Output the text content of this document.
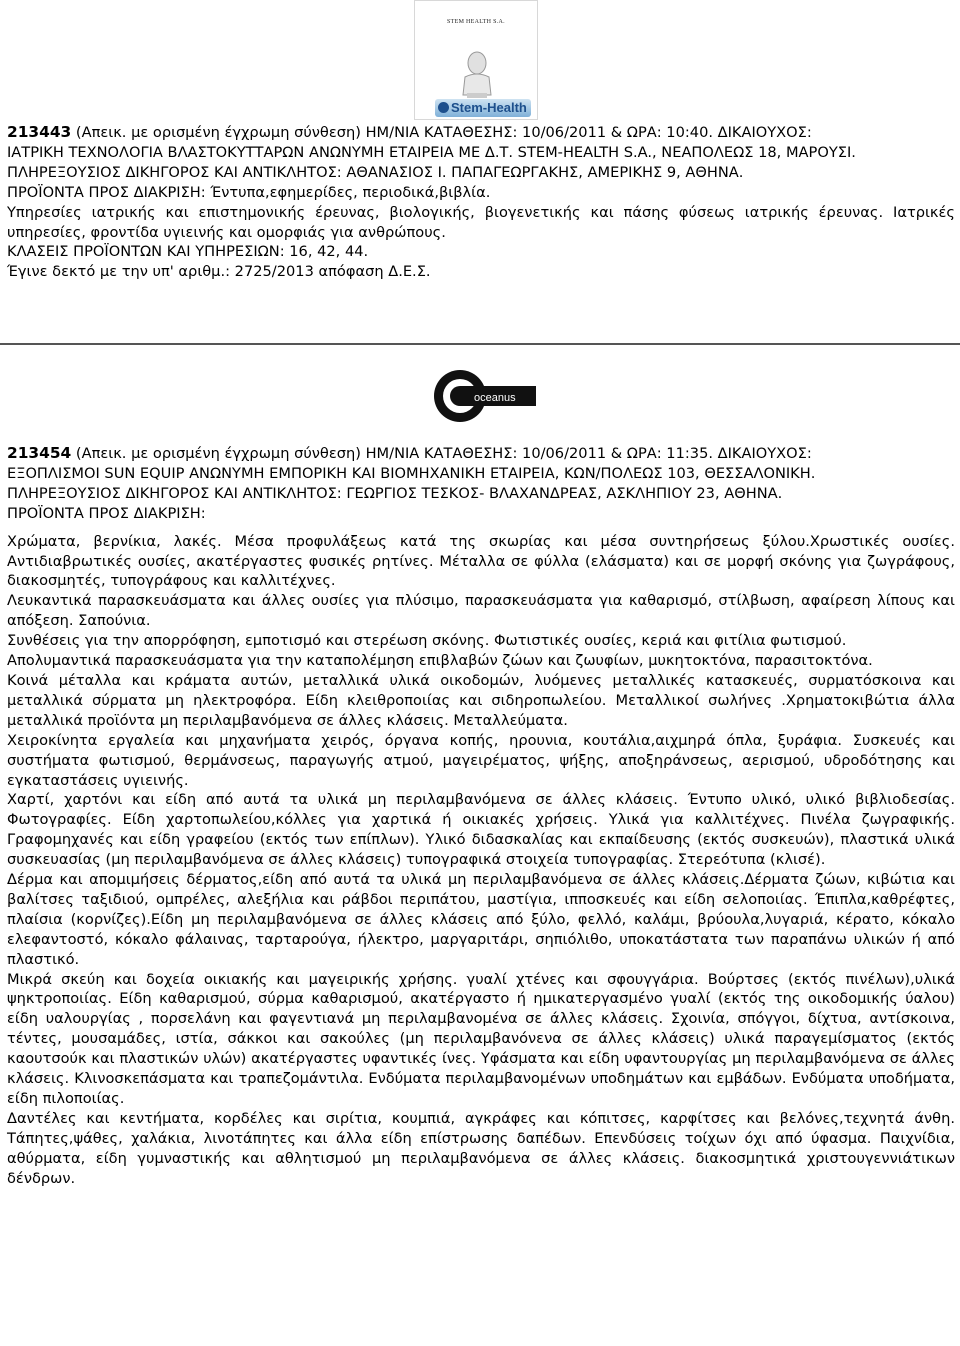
STEM HEALTH S.A.
Stem-Health

213443 (Απεικ. με ορισμένη έγχρωμη σύνθεση) ΗΜ/ΝΙΑ ΚΑΤΑΘΕΣΗΣ: 10/06/2011 & ΩΡΑ: 10:40. ΔΙΚΑΙΟΥΧΟΣ:

ΙΑΤΡΙΚΗ ΤΕΧΝΟΛΟΓΙΑ ΒΛΑΣΤΟΚΥΤΤΑΡΩΝ ΑΝΩΝΥΜΗ ΕΤΑΙΡΕΙΑ ΜΕ Δ.Τ. STEM-HEALTH S.A., ΝΕΑΠΟΛΕΩΣ 18, ΜΑΡΟΥΣΙ.

ΠΛΗΡΕΞΟΥΣΙΟΣ ΔΙΚΗΓΟΡΟΣ ΚΑΙ ΑΝΤΙΚΛΗΤΟΣ: ΑΘΑΝΑΣΙΟΣ Ι. ΠΑΠΑΓΕΩΡΓΑΚΗΣ, ΑΜΕΡΙΚΗΣ 9, ΑΘΗΝΑ.

ΠΡΟΪΟΝΤΑ ΠΡΟΣ ΔΙΑΚΡΙΣΗ: Έντυπα,εφημερίδες, περιοδικά,βιβλία.

Υπηρεσίες ιατρικής και επιστημονικής έρευνας, βιολογικής, βιογενετικής και πάσης φύσεως ιατρικής έρευνας. Ιατρικές υπηρεσίες, φροντίδα υγιεινής και ομορφιάς για ανθρώπους.

ΚΛΑΣΕΙΣ ΠΡΟΪΟΝΤΩΝ ΚΑΙ ΥΠΗΡΕΣΙΩΝ: 16, 42, 44.

Έγινε δεκτό με την υπ' αριθμ.: 2725/2013 απόφαση Δ.Ε.Σ.

oceanus

213454 (Απεικ. με ορισμένη έγχρωμη σύνθεση) ΗΜ/ΝΙΑ ΚΑΤΑΘΕΣΗΣ: 10/06/2011 & ΩΡΑ: 11:35. ΔΙΚΑΙΟΥΧΟΣ:

ΕΞΟΠΛΙΣΜΟΙ SUN EQUIP ΑΝΩΝΥΜΗ ΕΜΠΟΡΙΚΗ ΚΑΙ ΒΙΟΜΗΧΑΝΙΚΗ ΕΤΑΙΡΕΙΑ, ΚΩΝ/ΠΟΛΕΩΣ 103, ΘΕΣΣΑΛΟΝΙΚΗ.

ΠΛΗΡΕΞΟΥΣΙΟΣ ΔΙΚΗΓΟΡΟΣ ΚΑΙ ΑΝΤΙΚΛΗΤΟΣ: ΓΕΩΡΓΙΟΣ ΤΕΣΚΟΣ- ΒΛΑΧΑΝΔΡΕΑΣ, ΑΣΚΛΗΠΙΟΥ 23, ΑΘΗΝΑ.

ΠΡΟΪΟΝΤΑ ΠΡΟΣ ΔΙΑΚΡΙΣΗ:

Χρώματα, βερνίκια, λακές. Μέσα προφυλάξεως κατά της σκωρίας και μέσα συντηρήσεως ξύλου.Χρωστικές ουσίες. Αντιδιαβρωτικές ουσίες, ακατέργαστες φυσικές ρητίνες. Μέταλλα σε φύλλα (ελάσματα) και σε μορφή σκόνης για ζωγράφους, διακοσμητές, τυπογράφους και καλλιτέχνες.

Λευκαντικά παρασκευάσματα και άλλες ουσίες για πλύσιμο, παρασκευάσματα για καθαρισμό, στίλβωση, αφαίρεση λίπους και απόξεση. Σαπούνια.

Συνθέσεις για την απορρόφηση, εμποτισμό και στερέωση σκόνης. Φωτιστικές ουσίες, κεριά και φιτίλια φωτισμού.

Απολυμαντικά παρασκευάσματα για την καταπολέμηση επιβλαβών ζώων και ζωυφίων, μυκητοκτόνα, παρασιτοκτόνα.

Κοινά μέταλλα και κράματα αυτών, μεταλλικά υλικά οικοδομών, λυόμενες μεταλλικές κατασκευές, συρματόσκοινα και μεταλλικά σύρματα μη ηλεκτροφόρα. Είδη κλειθροποιίας και σιδηροπωλείου. Μεταλλικοί σωλήνες .Χρηματοκιβώτια άλλα μεταλλικά προϊόντα μη περιλαμβανόμενα σε άλλες κλάσεις. Μεταλλεύματα.

Χειροκίνητα εργαλεία και μηχανήματα χειρός, όργανα κοπής, ηρουνια, κουτάλια,αιχμηρά όπλα, ξυράφια. Συσκευές και συστήματα φωτισμού, θερμάνσεως, παραγωγής ατμού, μαγειρέματος, ψήξης, αποξηράνσεως, αερισμού, υδροδότησης και εγκαταστάσεις υγιεινής.

Χαρτί, χαρτόνι και είδη από αυτά τα υλικά μη περιλαμβανόμενα σε άλλες κλάσεις. Έντυπο υλικό, υλικό βιβλιοδεσίας. Φωτογραφίες. Είδη χαρτοπωλείου,κόλλες για χαρτικά ή οικιακές χρήσεις. Υλικά για καλλιτέχνες. Πινέλα ζωγραφικής. Γραφομηχανές και είδη γραφείου (εκτός των επίπλων). Υλικό διδασκαλίας και εκπαίδευσης (εκτός συσκευών), πλαστικά υλικά συσκευασίας (μη περιλαμβανόμενα σε άλλες κλάσεις) τυπογραφικά στοιχεία τυπογραφίας. Στερεότυπα (κλισέ).

Δέρμα και απομιμήσεις δέρματος,είδη από αυτά τα υλικά μη περιλαμβανόμενα σε άλλες κλάσεις.Δέρματα ζώων, κιβώτια και βαλίτσες ταξιδιού, ομπρέλες, αλεξήλια και ράβδοι περιπάτου, μαστίγια, ιπποσκευές και είδη σελοποιίας. Έπιπλα,καθρέφτες, πλαίσια (κορνίζες).Είδη μη περιλαμβανόμενα σε άλλες κλάσεις από ξύλο, φελλό, καλάμι, βρύουλα,λυγαριά, κέρατο, κόκαλο ελεφαντοστό, κόκαλο φάλαινας, ταρταρούγα, ήλεκτρο, μαργαριτάρι, σηπιόλιθο, υποκατάστατα των παραπάνω υλικών ή από πλαστικό.

Μικρά σκεύη και δοχεία οικιακής και μαγειρικής χρήσης. γυαλί χτένες και σφουγγάρια. Βούρτσες (εκτός πινέλων),υλικά ψηκτροποιίας. Είδη καθαρισμού, σύρμα καθαρισμού, ακατέργαστο ή ημικατεργασμένο γυαλί (εκτός της οικοδομικής ύαλου) είδη υαλουργίας , πορσελάνη και φαγεντιανά μη περιλαμβανομένα σε άλλες κλάσεις. Σχοινία, σπόγγοι, δίχτυα, αντίσκοινα, τέντες, μουσαμάδες, ιστία, σάκκοι και σακούλες (μη περιλαμβανόνενα σε άλλες κλάσεις) υλικά παραγεμίσματος (εκτός καουτσούκ και πλαστικών υλών) ακατέργαστες υφαντικές ίνες. Υφάσματα και είδη υφαντουργίας μη περιλαμβανόμενα σε άλλες κλάσεις. Κλινοσκεπάσματα και τραπεζομάντιλα. Ενδύματα περιλαμβανομένων υποδημάτων και εμβάδων. Ενδύματα υποδήματα, είδη πιλοποιίας.

Δαντέλες και κεντήματα, κορδέλες και σιρίτια, κουμπιά, αγκράφες και κόπιτσες, καρφίτσες και βελόνες,τεχνητά άνθη. Τάπητες,ψάθες, χαλάκια, λινοτάπητες και άλλα είδη επίστρωσης δαπέδων. Επενδύσεις τοίχων όχι από ύφασμα. Παιχνίδια, αθύρματα, είδη γυμναστικής και αθλητισμού μη περιλαμβανόμενα σε άλλες κλάσεις. διακοσμητικά χριστουγεννιάτικων δένδρων.
